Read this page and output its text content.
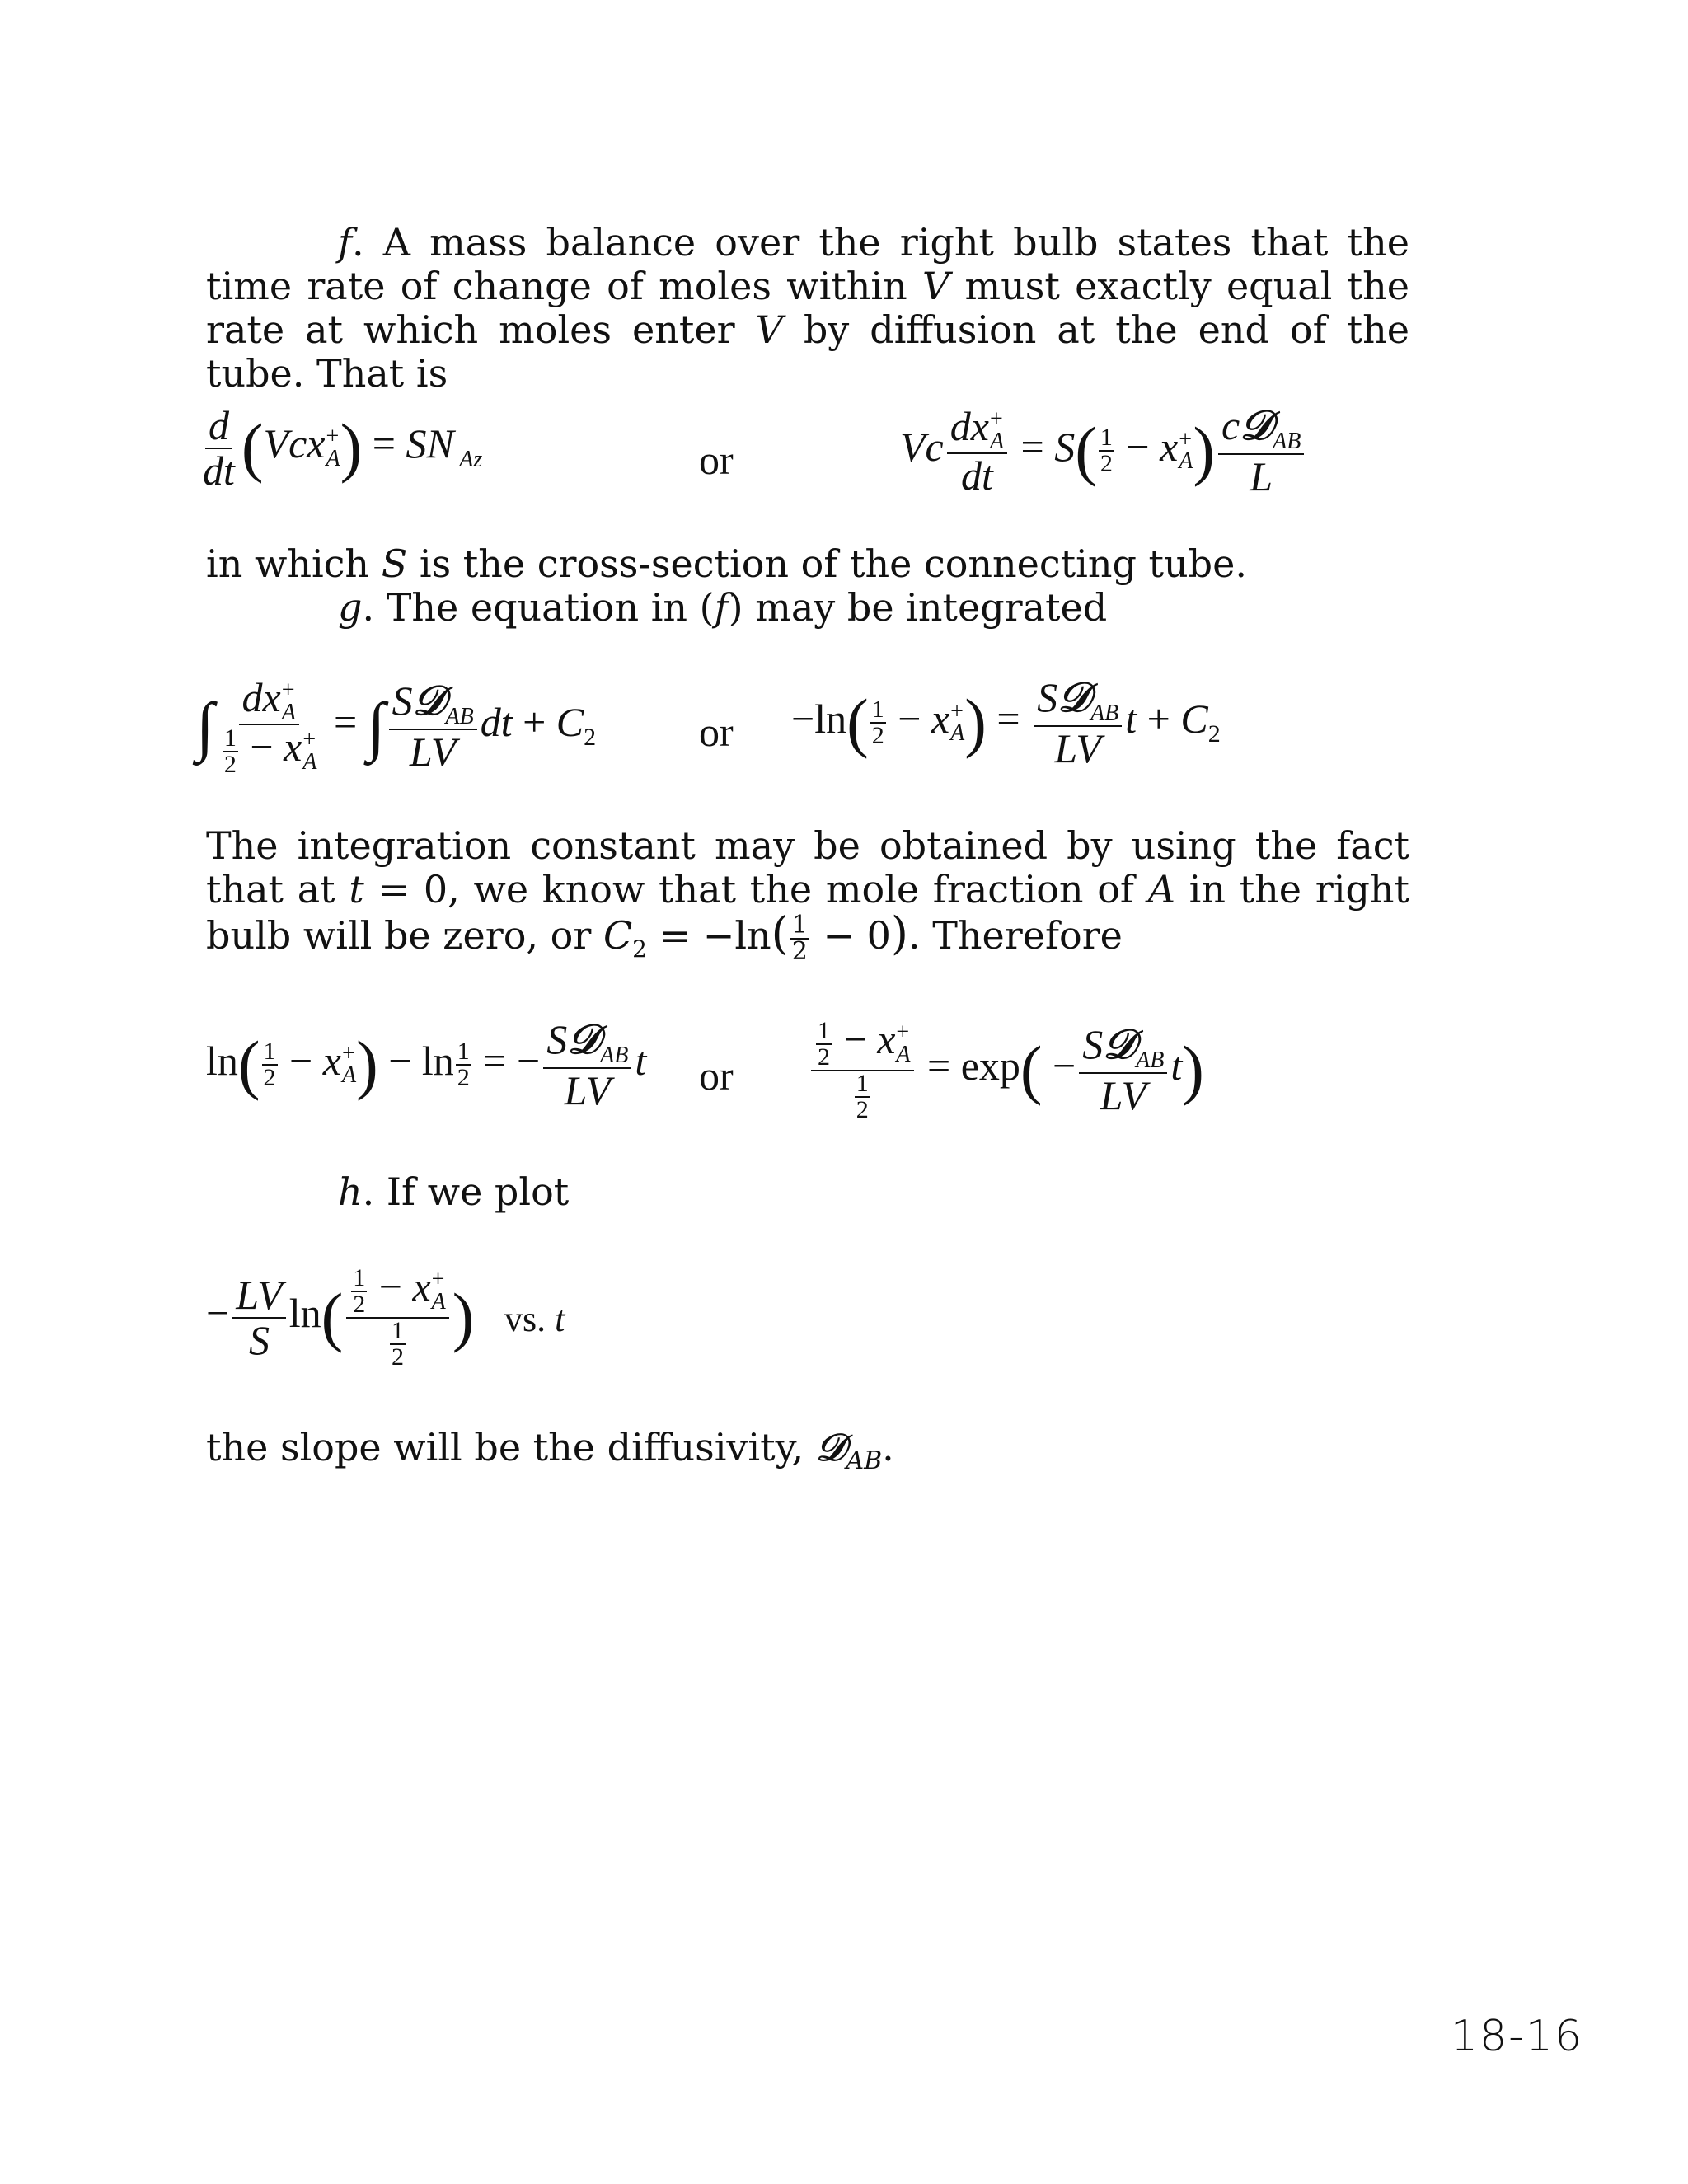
f. A mass balance over the right bulb states that the time rate of change of moles within V must exactly equal the rate at which moles enter V by diffusion at the end of the tube. That is
$\frac{d}{dt} (Vcx$ +
A ) = SN $_{Az}$	or	Vc dx +
A
dt = $S( \frac{1}{2} - x$ +
A ) $\frac{c𝒟_{AB}}{L}$
in which S is the cross-section of the connecting tube.
g. The equation in (f) may be integrated
∫ dx +
A
$\frac{1}{2} - x$ +
A = ∫ $\frac{S𝒟_{AB}}{LV}$ dt + $C_2$ or $-\ln( \frac{1}{2} - x$ +
A ) = $\frac{S𝒟_{AB}}{LV}$ $t + C_2$
The integration constant may be obtained by using the fact that at t = 0, we know that the mole fraction of A in the right bulb will be zero, or $C_2 = -\ln( \frac{1}{2} - 0)$. Therefore
$\ln( \frac{1}{2} - x$ +
A ) − $\ln \frac{1}{2}$ = − $\frac{S𝒟_{AB}}{LV}$ t or	$\frac{1}{2} - x$ +
A
$\frac{1}{2} = \exp( - \frac{S𝒟_{AB}}{LV} t)$
h. If we plot
− $\frac{LV}{S} \ln( \frac{1}{2} - x$ +
A
$\frac{1}{2}$ ) vs. t
the slope will be the diffusivity, 𝒟$_{AB}$.
18-16
